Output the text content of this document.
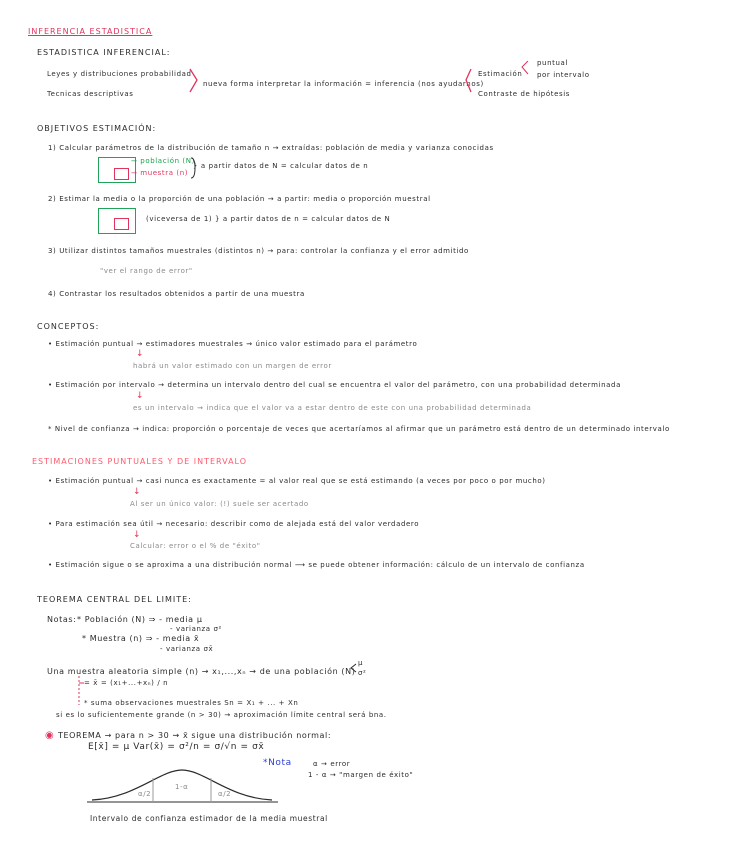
INFERENCIA ESTADISTICA
ESTADISTICA INFERENCIAL:
Leyes y distribuciones probabilidad
Tecnicas descriptivas
nueva forma interpretar la información = inferencia (nos ayudarnos)
Estimación
puntual
por intervalo
Contraste de hipótesis
OBJETIVOS ESTIMACIÓN:
1) Calcular parámetros de la distribución de tamaño n → extraídas: población de media y varianza conocidas
→ población (N)
→ muestra (n)
} a partir datos de N = calcular datos de n
2) Estimar la media o la proporción de una población → a partir: media o proporción muestral
(viceversa de 1) } a partir datos de n = calcular datos de N
3) Utilizar distintos tamaños muestrales (distintos n) → para: controlar la confianza y el error admitido
"ver el rango de error"
4) Contrastar los resultados obtenidos a partir de una muestra
CONCEPTOS:
• Estimación puntual → estimadores muestrales ⇝ único valor estimado para el parámetro
↓
habrá un valor estimado con un margen de error
• Estimación por intervalo → determina un intervalo dentro del cual se encuentra el valor del parámetro, con una probabilidad determinada
↓
es un intervalo ⇝ indica que el valor va a estar dentro de este con una probabilidad determinada
* Nivel de confianza → indica: proporción o porcentaje de veces que acertaríamos al afirmar que un parámetro está dentro de un determinado intervalo
ESTIMACIONES PUNTUALES Y DE INTERVALO
• Estimación puntual → casi nunca es exactamente = al valor real que se está estimando (a veces por poco o por mucho)
↓
Al ser un único valor: (!) suele ser acertado
• Para estimación sea útil → necesario: describir como de alejada está del valor verdadero
↓
Calcular: error o el % de "éxito"
• Estimación sigue o se aproxima a una distribución normal ⟶ se puede obtener información: cálculo de un intervalo de confianza
TEOREMA CENTRAL DEL LIMITE:
Notas: * Población (N) ⇒ - media μ
- varianza σ²
* Muestra (n) ⇒ - media x̄
- varianza σx̄
Una muestra aleatoria simple (n) → x₁,...,xₙ → de una población (N)
μ
σ²
= x̄ = (x₁+...+xₙ) / n
* suma observaciones muestrales Sn = X₁ + ... + Xn
si es lo suficientemente grande (n > 30) → aproximación límite central será bna.
◉ TEOREMA → para n > 30 ⇝ x̄ sigue una distribución normal:
E[x̄] = μ Var(x̄) = σ²/n = σ/√n = σx̄
*Nota	α → error
1 - α → "margen de éxito"
1-α
α/2	α/2
Intervalo de confianza estimador de la media muestral
